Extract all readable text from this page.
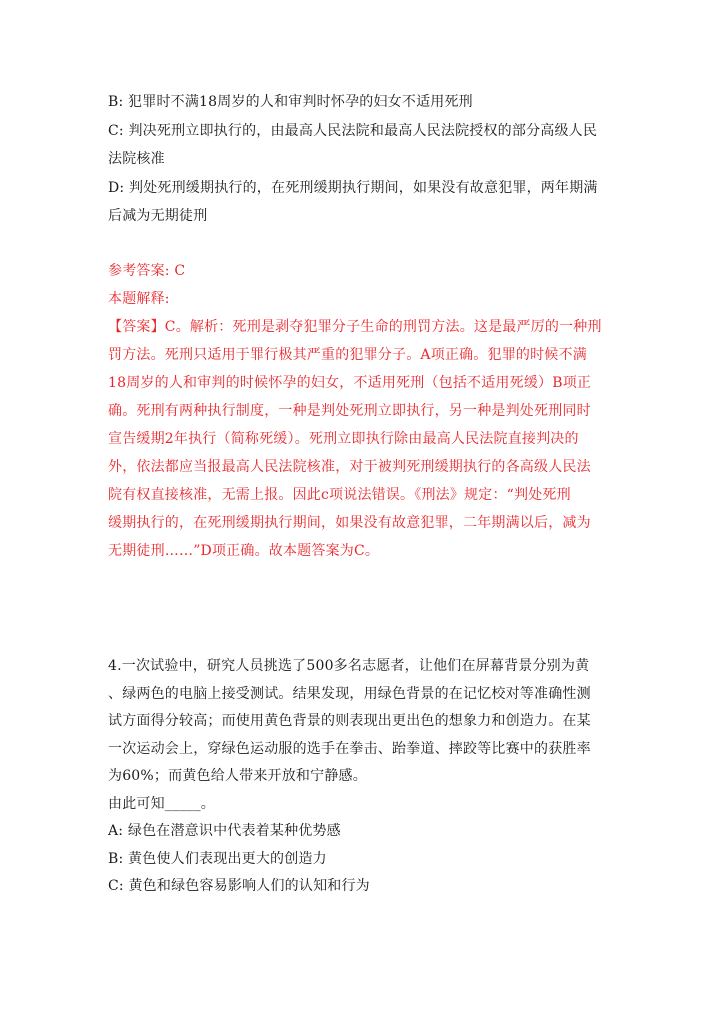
B: 犯罪时不满18周岁的人和审判时怀孕的妇女不适用死刑
C: 判决死刑立即执行的，由最高人民法院和最高人民法院授权的部分高级人民
法院核准
D: 判处死刑缓期执行的，在死刑缓期执行期间，如果没有故意犯罪，两年期满
后减为无期徒刑
参考答案: C
本题解释:
【答案】C。解析：死刑是剥夺犯罪分子生命的刑罚方法。这是最严厉的一种刑
罚方法。死刑只适用于罪行极其严重的犯罪分子。A项正确。犯罪的时候不满
18周岁的人和审判的时候怀孕的妇女，不适用死刑（包括不适用死缓）B项正
确。死刑有两种执行制度，一种是判处死刑立即执行，另一种是判处死刑同时
宣告缓期2年执行（简称死缓）。死刑立即执行除由最高人民法院直接判决的
外，依法都应当报最高人民法院核准，对于被判死刑缓期执行的各高级人民法
院有权直接核准，无需上报。因此c项说法错误。《刑法》规定：“判处死刑
缓期执行的，在死刑缓期执行期间，如果没有故意犯罪，二年期满以后，减为
无期徒刑……”D项正确。故本题答案为C。
4.一次试验中，研究人员挑选了500多名志愿者，让他们在屏幕背景分别为黄
、绿两色的电脑上接受测试。结果发现，用绿色背景的在记忆校对等准确性测
试方面得分较高；而使用黄色背景的则表现出更出色的想象力和创造力。在某
一次运动会上，穿绿色运动服的选手在拳击、跆拳道、摔跤等比赛中的获胜率
为60%；而黄色给人带来开放和宁静感。
由此可知_____。
A: 绿色在潜意识中代表着某种优势感
B: 黄色使人们表现出更大的创造力
C: 黄色和绿色容易影响人们的认知和行为
